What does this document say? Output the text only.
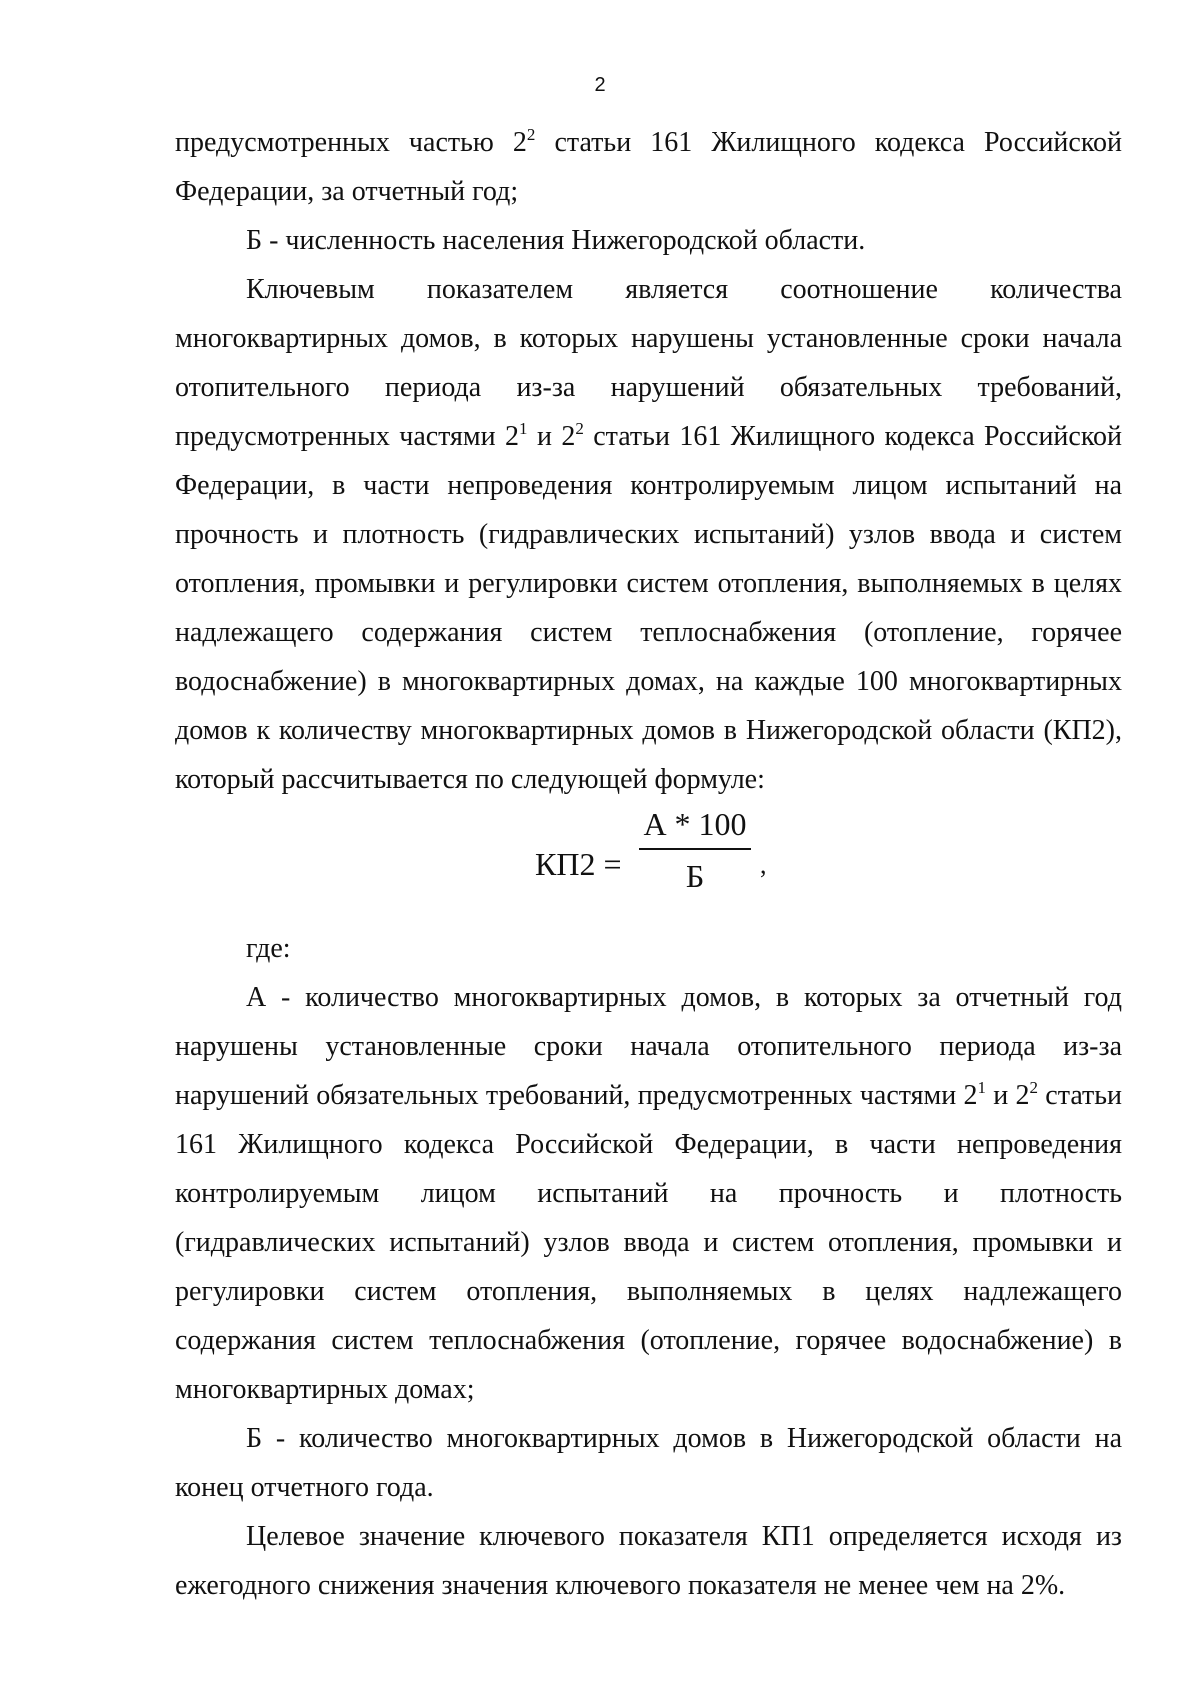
2

предусмотренных частью $2^2$ статьи 161 Жилищного кодекса Российской Федерации, за отчетный год;

Б - численность населения Нижегородской области.

Ключевым показателем является соотношение количества многоквартирных домов, в которых нарушены установленные сроки начала отопительного периода из-за нарушений обязательных требований, предусмотренных частями $2^1$ и $2^2$ статьи 161 Жилищного кодекса Российской Федерации, в части непроведения контролируемым лицом испытаний на прочность и плотность (гидравлических испытаний) узлов ввода и систем отопления, промывки и регулировки систем отопления, выполняемых в целях надлежащего содержания систем теплоснабжения (отопление, горячее водоснабжение) в многоквартирных домах, на каждые 100 многоквартирных домов к количеству многоквартирных домов в Нижегородской области (КП2), который рассчитывается по следующей формуле:

КП2 =
А * 100
Б	,

где:

А - количество многоквартирных домов, в которых за отчетный год нарушены установленные сроки начала отопительного периода из-за нарушений обязательных требований, предусмотренных частями $2^1$ и $2^2$ статьи 161 Жилищного кодекса Российской Федерации, в части непроведения контролируемым лицом испытаний на прочность и плотность (гидравлических испытаний) узлов ввода и систем отопления, промывки и регулировки систем отопления, выполняемых в целях надлежащего содержания систем теплоснабжения (отопление, горячее водоснабжение) в многоквартирных домах;

Б - количество многоквартирных домов в Нижегородской области на конец отчетного года.

Целевое значение ключевого показателя КП1 определяется исходя из ежегодного снижения значения ключевого показателя не менее чем на 2%.
